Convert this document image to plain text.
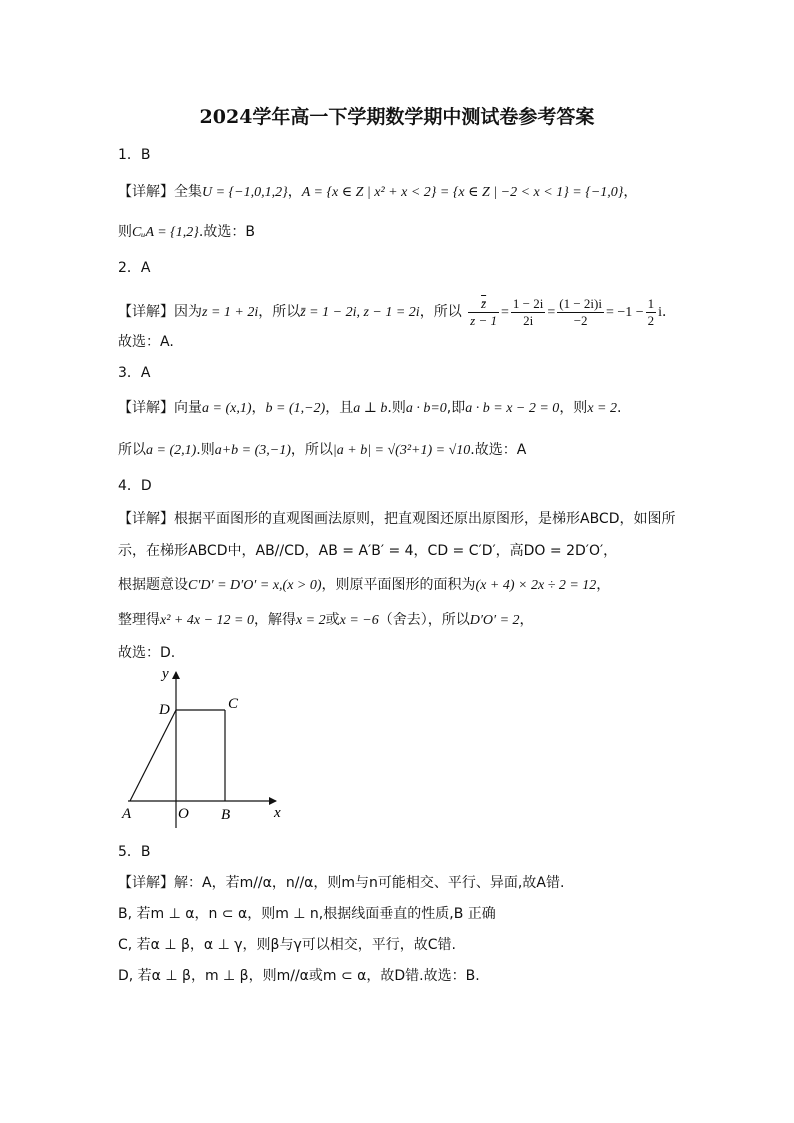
2024学年高一下学期数学期中测试卷参考答案
1．B
【详解】全集U = {−1,0,1,2}，A = {x ∈ Z | x² + x < 2} = {x ∈ Z | −2 < x < 1} = {−1,0}，
则CᵤA = {1,2}.故选：B
2．A
【详解】因为z = 1 + 2i，所以z̄ = 1 − 2i, z − 1 = 2i，所以 $\frac{z̄}{z - 1} = \frac{1 - 2i}{2i} = \frac{(1 - 2i)i}{-2} = -1 - \frac{1}{2}$ i．
故选：A.
3．A
【详解】向量a = (x,1)，b = (1,−2)，且a ⊥ b.则a · b=0,即a · b = x − 2 = 0，则x = 2.
所以a = (2,1).则a+b = (3,−1)，所以|a + b| = √(3²+1) = √10.故选：A
4．D
【详解】根据平面图形的直观图画法原则，把直观图还原出原图形，是梯形ABCD，如图所
示，在梯形ABCD中，AB//CD，AB = A′B′ = 4，CD = C′D′，高DO = 2D′O′，
根据题意设C′D′ = D′O′ = x,(x > 0)，则原平面图形的面积为(x + 4) × 2x ÷ 2 = 12，
整理得x² + 4x − 12 = 0，解得x = 2或x = −6（舍去），所以D′O′ = 2，
故选：D.
y
x
D	C
A	O B
5．B
【详解】解：A，若m//α，n//α，则m与n可能相交、平行、异面,故A错.
B, 若m ⊥ α，n ⊂ α，则m ⊥ n,根据线面垂直的性质,B 正确
C, 若α ⊥ β，α ⊥ γ，则β与γ可以相交，平行，故C错.
D, 若α ⊥ β，m ⊥ β，则m//α或m ⊂ α，故D错.故选：B.
